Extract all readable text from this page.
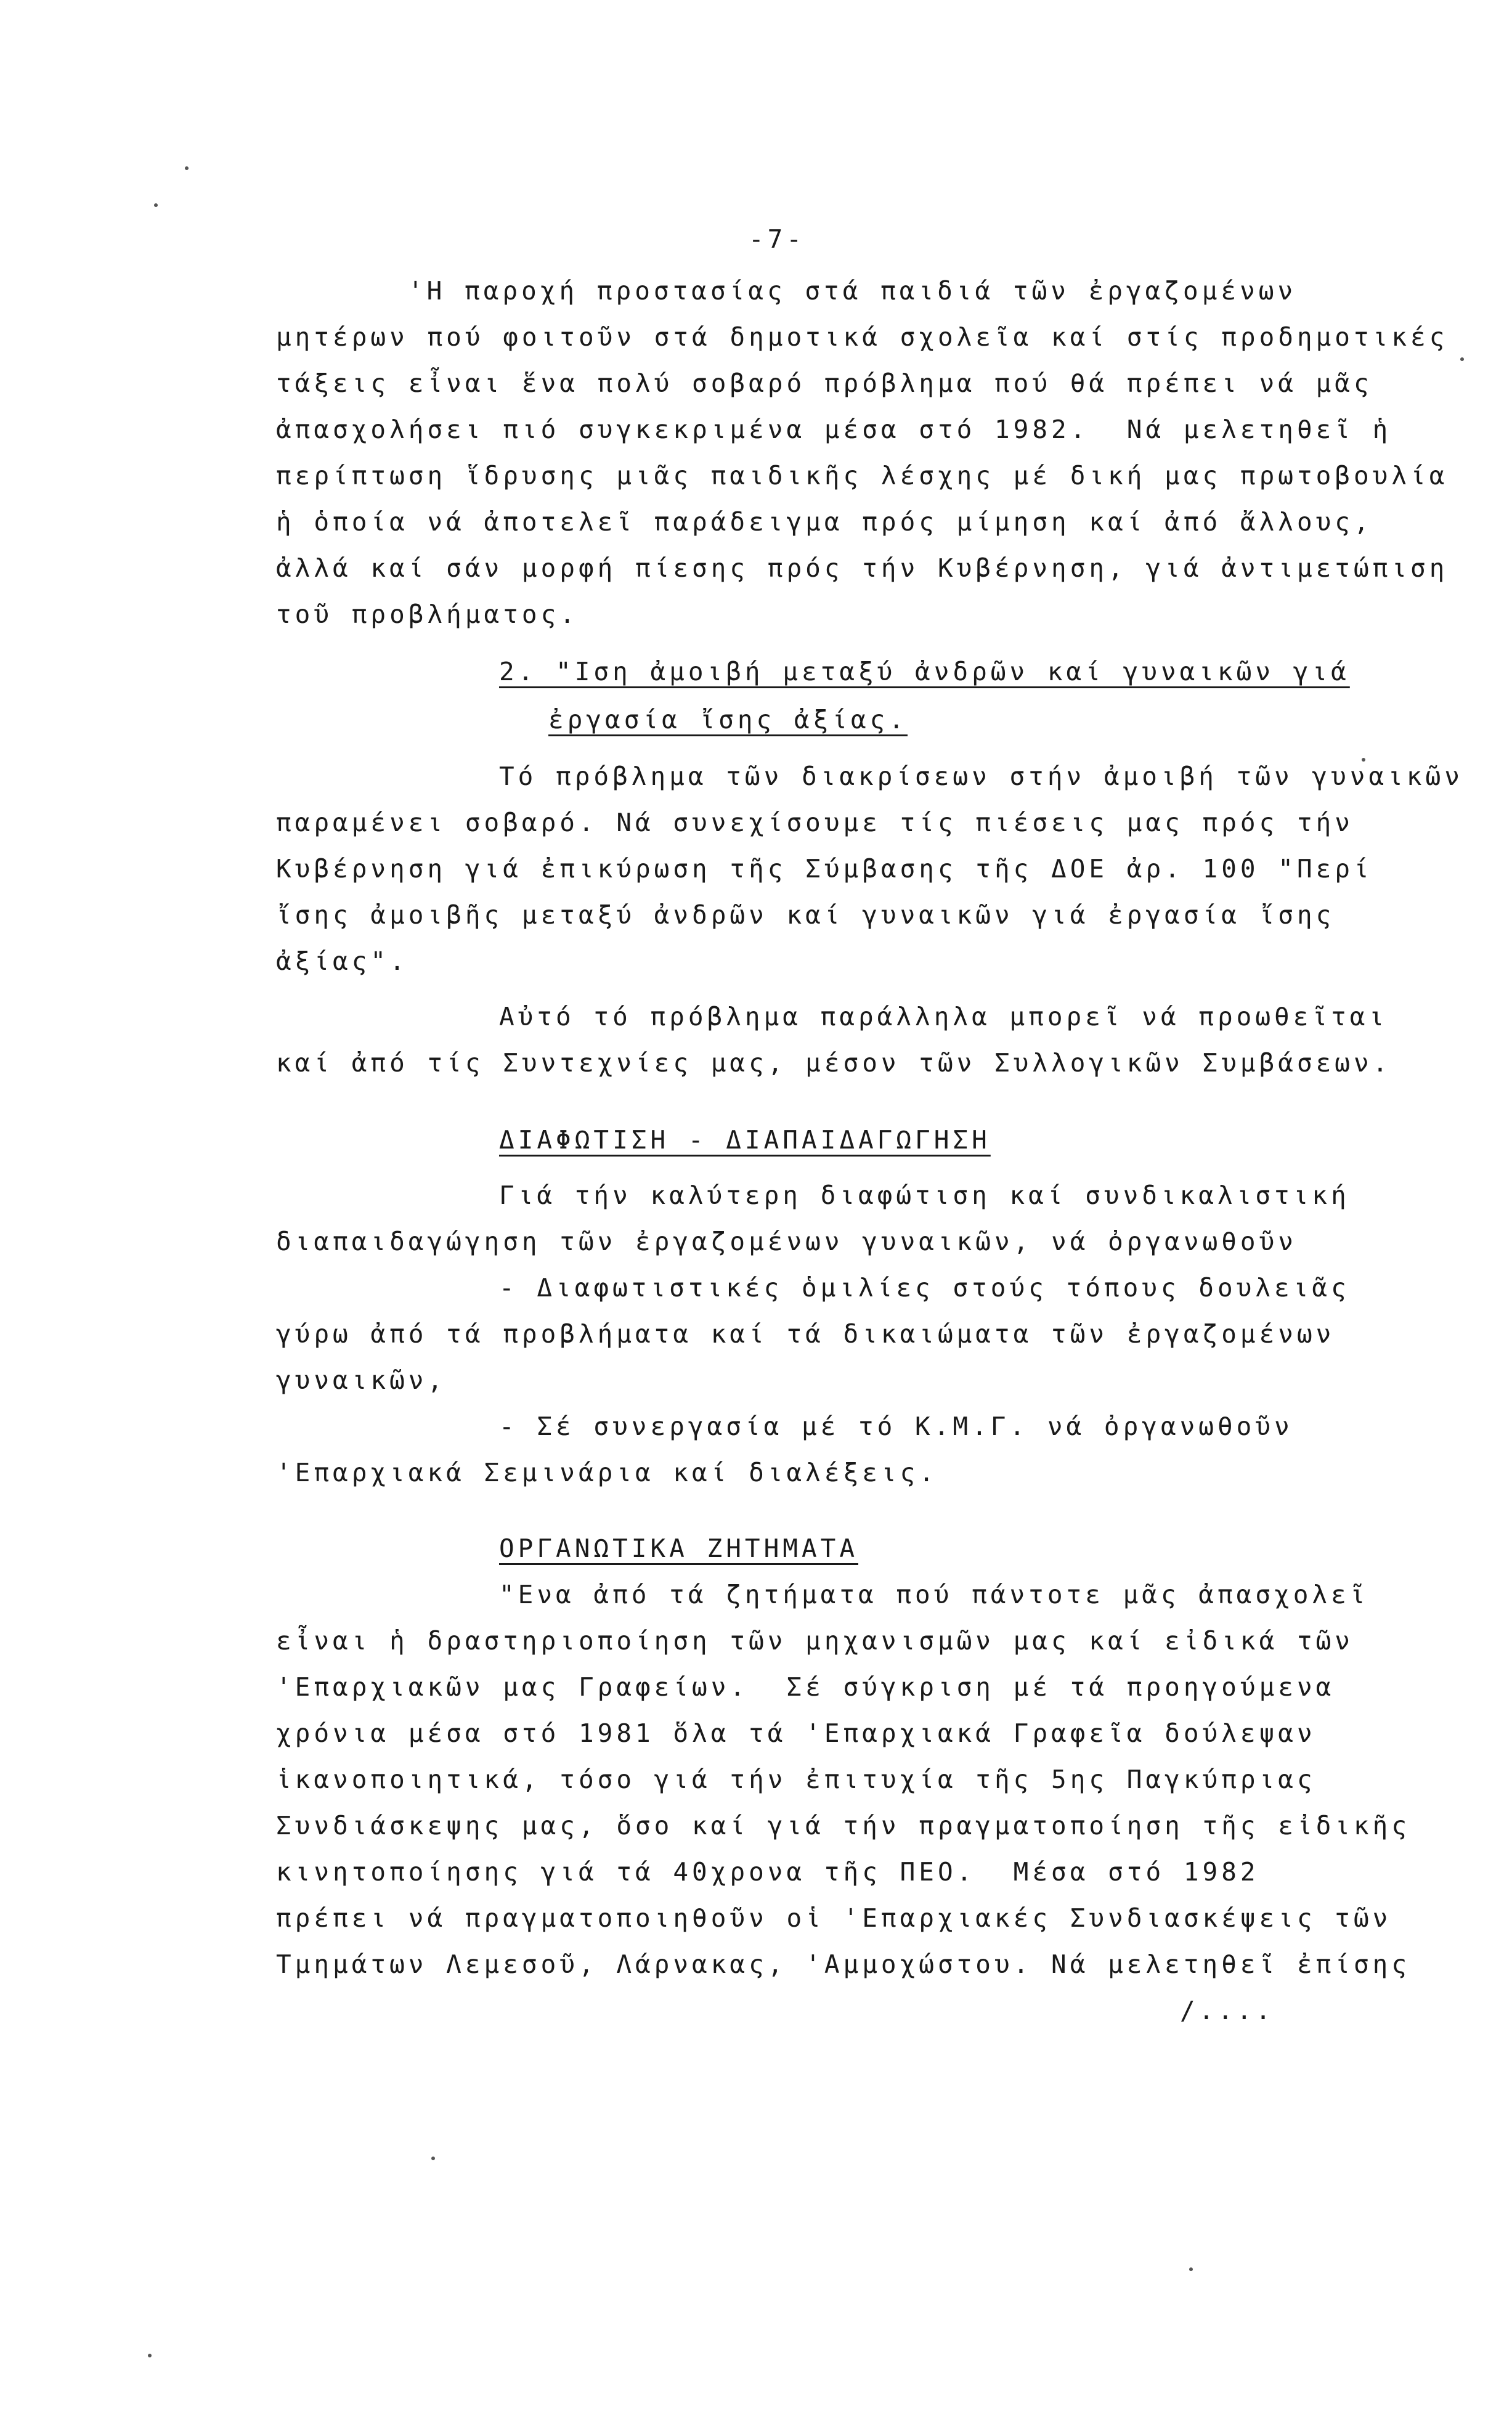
-7-
'Η παροχή προστασίας στά παιδιά τῶν ἐργαζομένων
μητέρων πού φοιτοῦν στά δημοτικά σχολεῖα καί στίς προδημοτικές
τάξεις εἶναι ἕνα πολύ σοβαρό πρόβλημα πού θά πρέπει νά μᾶς
ἀπασχολήσει πιό συγκεκριμένα μέσα στό 1982.  Νά μελετηθεῖ ἡ
περίπτωση ἵδρυσης μιᾶς παιδικῆς λέσχης μέ δική μας πρωτοβουλία
ἡ ὁποία νά ἀποτελεῖ παράδειγμα πρός μίμηση καί ἀπό ἄλλους,
ἀλλά καί σάν μορφή πίεσης πρός τήν Κυβέρνηση, γιά ἀντιμετώπιση
τοῦ προβλήματος.
2. "Ιση ἀμοιβή μεταξύ ἀνδρῶν καί γυναικῶν γιά
ἐργασία ἴσης ἀξίας.
Τό πρόβλημα τῶν διακρίσεων στήν ἀμοιβή τῶν γυναικῶν
παραμένει σοβαρό. Νά συνεχίσουμε τίς πιέσεις μας πρός τήν
Κυβέρνηση γιά ἐπικύρωση τῆς Σύμβασης τῆς ΔΟΕ ἀρ. 100 "Περί
ἴσης ἀμοιβῆς μεταξύ ἀνδρῶν καί γυναικῶν γιά ἐργασία ἴσης
ἀξίας".
Αὐτό τό πρόβλημα παράλληλα μπορεῖ νά προωθεῖται
καί ἀπό τίς Συντεχνίες μας, μέσον τῶν Συλλογικῶν Συμβάσεων.
ΔΙΑΦΩΤΙΣΗ - ΔΙΑΠΑΙΔΑΓΩΓΗΣΗ
Γιά τήν καλύτερη διαφώτιση καί συνδικαλιστική
διαπαιδαγώγηση τῶν ἐργαζομένων γυναικῶν, νά ὀργανωθοῦν
- Διαφωτιστικές ὁμιλίες στούς τόπους δουλειᾶς
γύρω ἀπό τά προβλήματα καί τά δικαιώματα τῶν ἐργαζομένων
γυναικῶν,
- Σέ συνεργασία μέ τό Κ.Μ.Γ. νά ὀργανωθοῦν
'Επαρχιακά Σεμινάρια καί διαλέξεις.
ΟΡΓΑΝΩΤΙΚΑ ΖΗΤΗΜΑΤΑ
"Ενα ἀπό τά ζητήματα πού πάντοτε μᾶς ἀπασχολεῖ
εἶναι ἡ δραστηριοποίηση τῶν μηχανισμῶν μας καί εἰδικά τῶν
'Επαρχιακῶν μας Γραφείων.  Σέ σύγκριση μέ τά προηγούμενα
χρόνια μέσα στό 1981 ὅλα τά 'Επαρχιακά Γραφεῖα δούλεψαν
ἱκανοποιητικά, τόσο γιά τήν ἐπιτυχία τῆς 5ης Παγκύπριας
Συνδιάσκεψης μας, ὅσο καί γιά τήν πραγματοποίηση τῆς εἰδικῆς
κινητοποίησης γιά τά 40χρονα τῆς ΠΕΟ.  Μέσα στό 1982
πρέπει νά πραγματοποιηθοῦν οἱ 'Επαρχιακές Συνδιασκέψεις τῶν
Τμημάτων Λεμεσοῦ, Λάρνακας, 'Αμμοχώστου. Νά μελετηθεῖ ἐπίσης
/....
